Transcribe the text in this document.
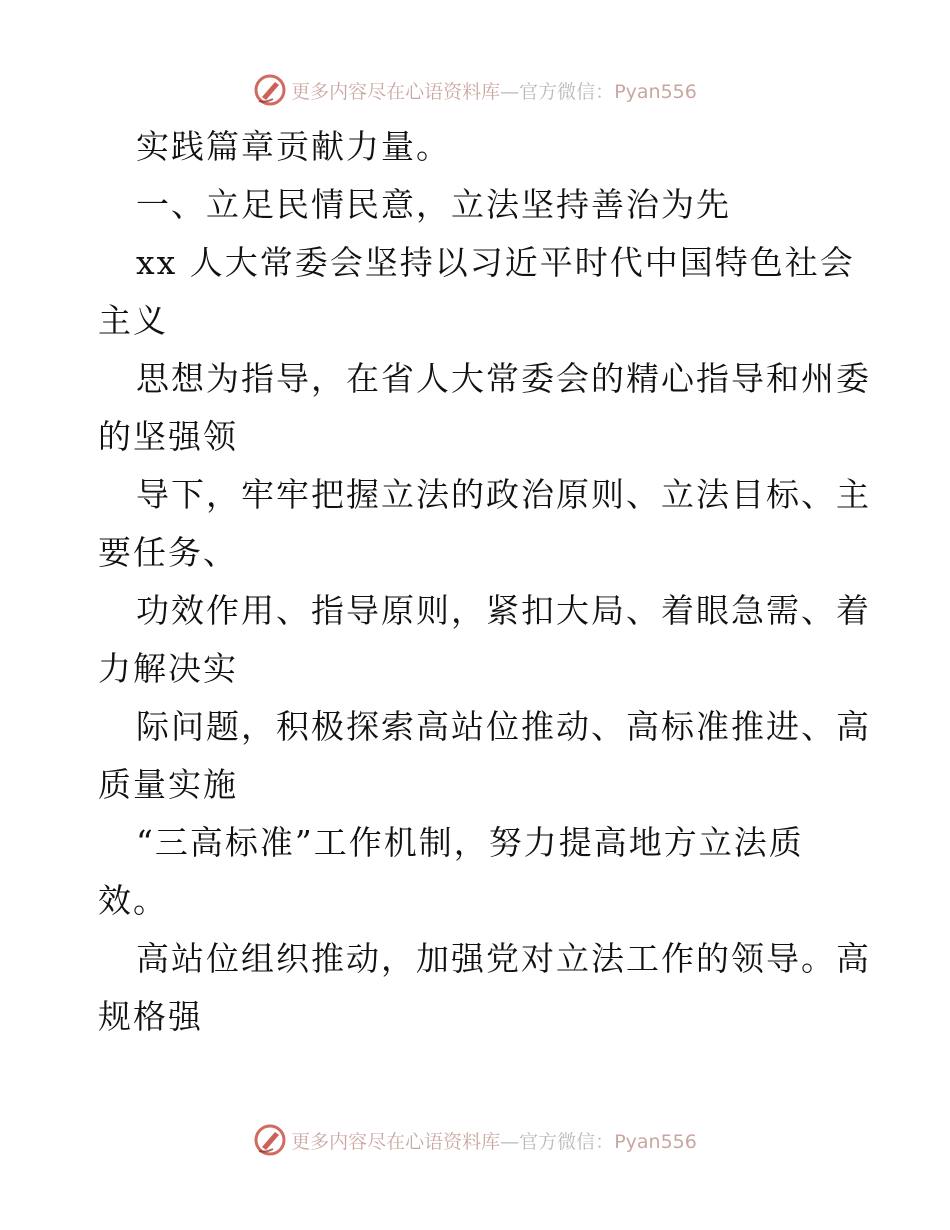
更多内容尽在心语资料库—官方微信：Pyan556
实践篇章贡献力量。
一、立足民情民意，立法坚持善治为先
xx 人大常委会坚持以习近平时代中国特色社会
主义
思想为指导，在省人大常委会的精心指导和州委
的坚强领
导下，牢牢把握立法的政治原则、立法目标、主
要任务、
功效作用、指导原则，紧扣大局、着眼急需、着
力解决实
际问题，积极探索高站位推动、高标准推进、高
质量实施
“三高标准”工作机制，努力提高地方立法质
效。
高站位组织推动，加强党对立法工作的领导。高
规格强
更多内容尽在心语资料库—官方微信：Pyan556
